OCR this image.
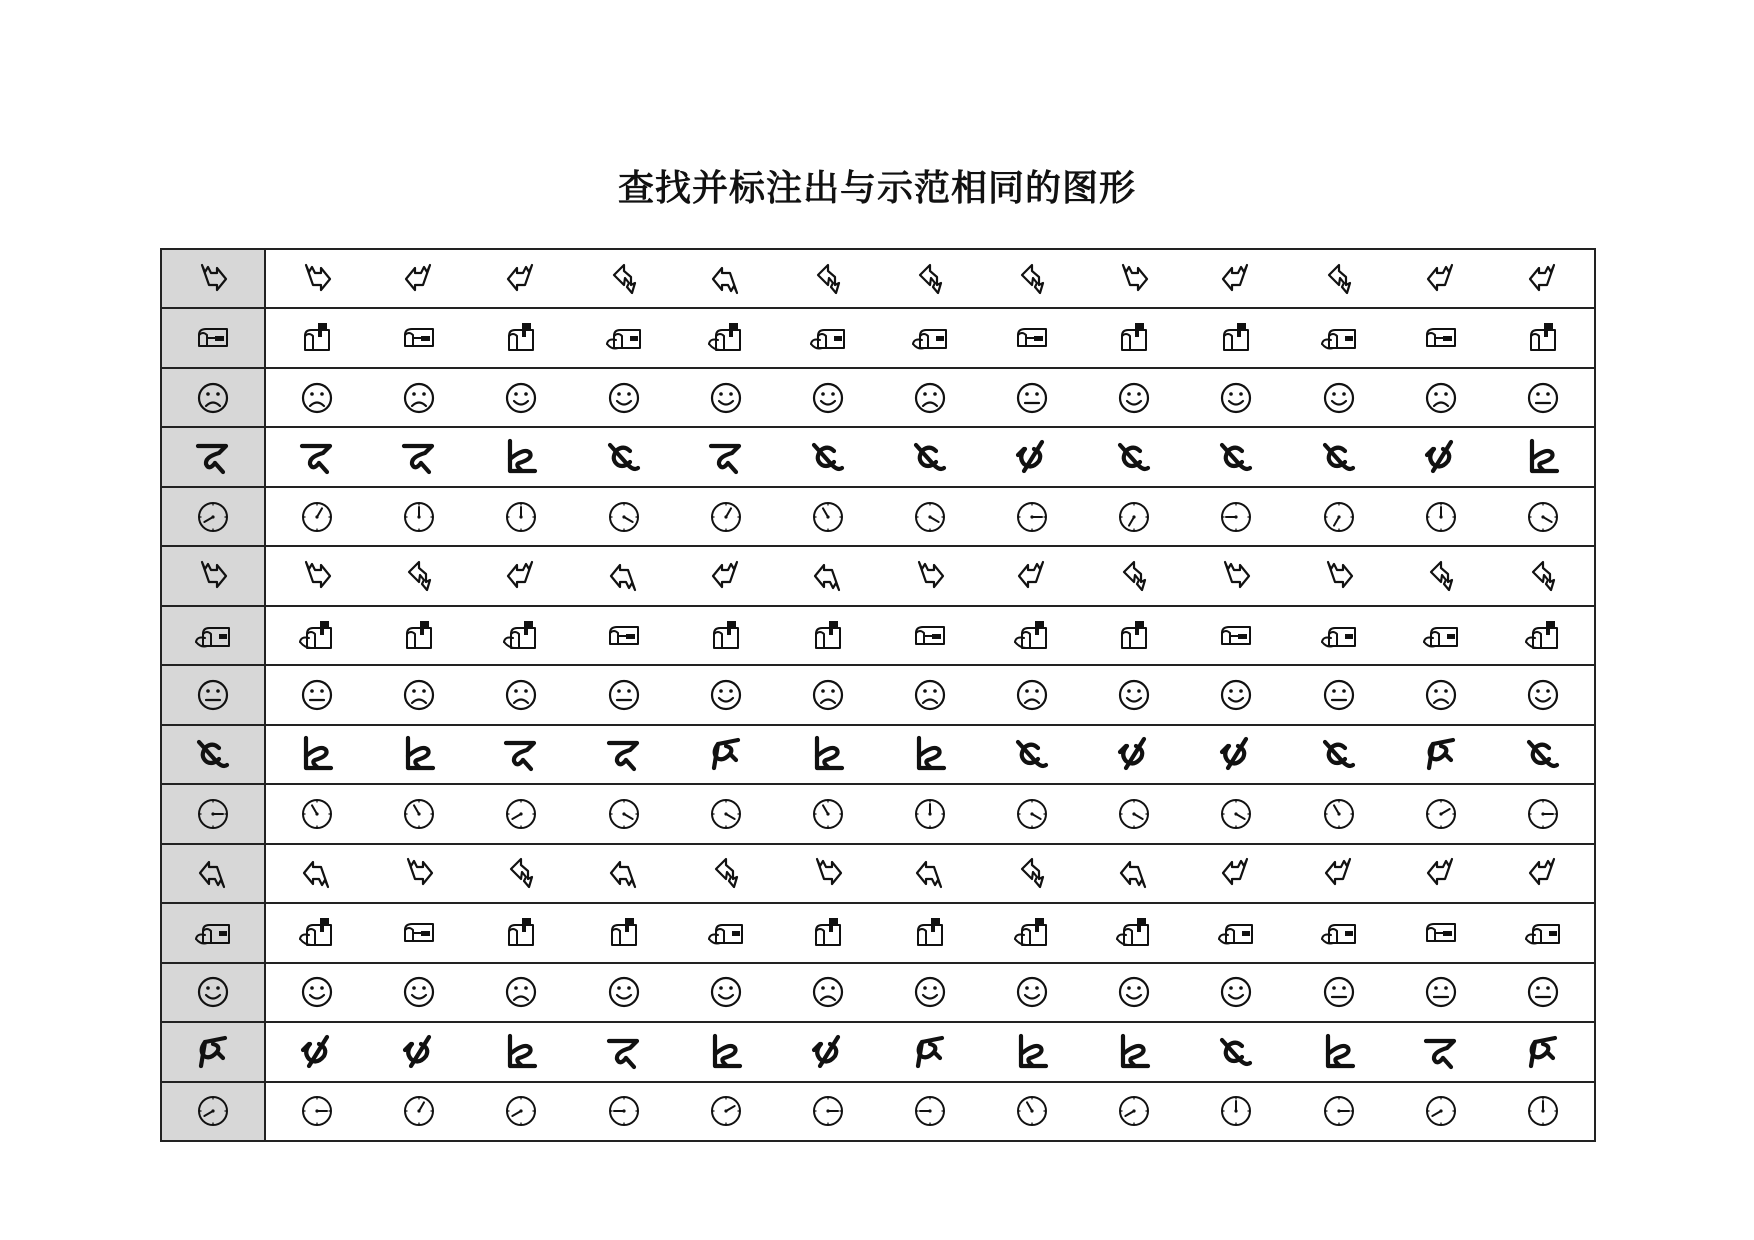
查找并标注出与示范相同的图形
